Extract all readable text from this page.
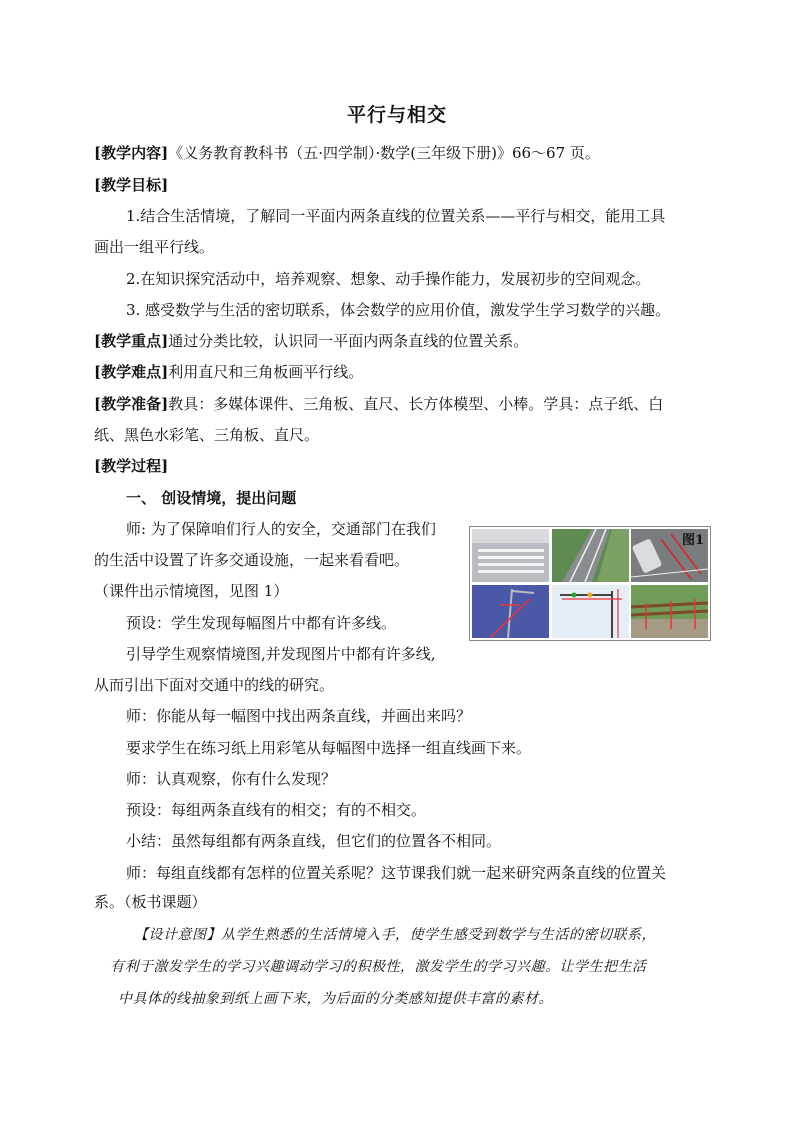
平行与相交
[教学内容]《义务教育教科书（五·四学制）·数学(三年级下册)》66～67 页。
[教学目标]
1.结合生活情境，了解同一平面内两条直线的位置关系——平行与相交，能用工具
画出一组平行线。
2.在知识探究活动中，培养观察、想象、动手操作能力，发展初步的空间观念。
3. 感受数学与生活的密切联系，体会数学的应用价值，激发学生学习数学的兴趣。
[教学重点]通过分类比较，认识同一平面内两条直线的位置关系。
[教学难点]利用直尺和三角板画平行线。
[教学准备]教具：多媒体课件、三角板、直尺、长方体模型、小棒。学具：点子纸、白
纸、黑色水彩笔、三角板、直尺。
[教学过程]
一、 创设情境，提出问题
师: 为了保障咱们行人的安全，交通部门在我们
的生活中设置了许多交通设施，一起来看看吧。
（课件出示情境图，见图 1）
预设：学生发现每幅图片中都有许多线。
引导学生观察情境图,并发现图片中都有许多线,
从而引出下面对交通中的线的研究。
师：你能从每一幅图中找出两条直线，并画出来吗？
要求学生在练习纸上用彩笔从每幅图中选择一组直线画下来。
师：认真观察，你有什么发现？
预设：每组两条直线有的相交；有的不相交。
小结：虽然每组都有两条直线，但它们的位置各不相同。
师：每组直线都有怎样的位置关系呢？这节课我们就一起来研究两条直线的位置关
系。（板书课题）
【设计意图】从学生熟悉的生活情境入手，使学生感受到数学与生活的密切联系，
有利于激发学生的学习兴趣调动学习的积极性，激发学生的学习兴趣。让学生把生活
中具体的线抽象到纸上画下来，为后面的分类感知提供丰富的素材。
图1
